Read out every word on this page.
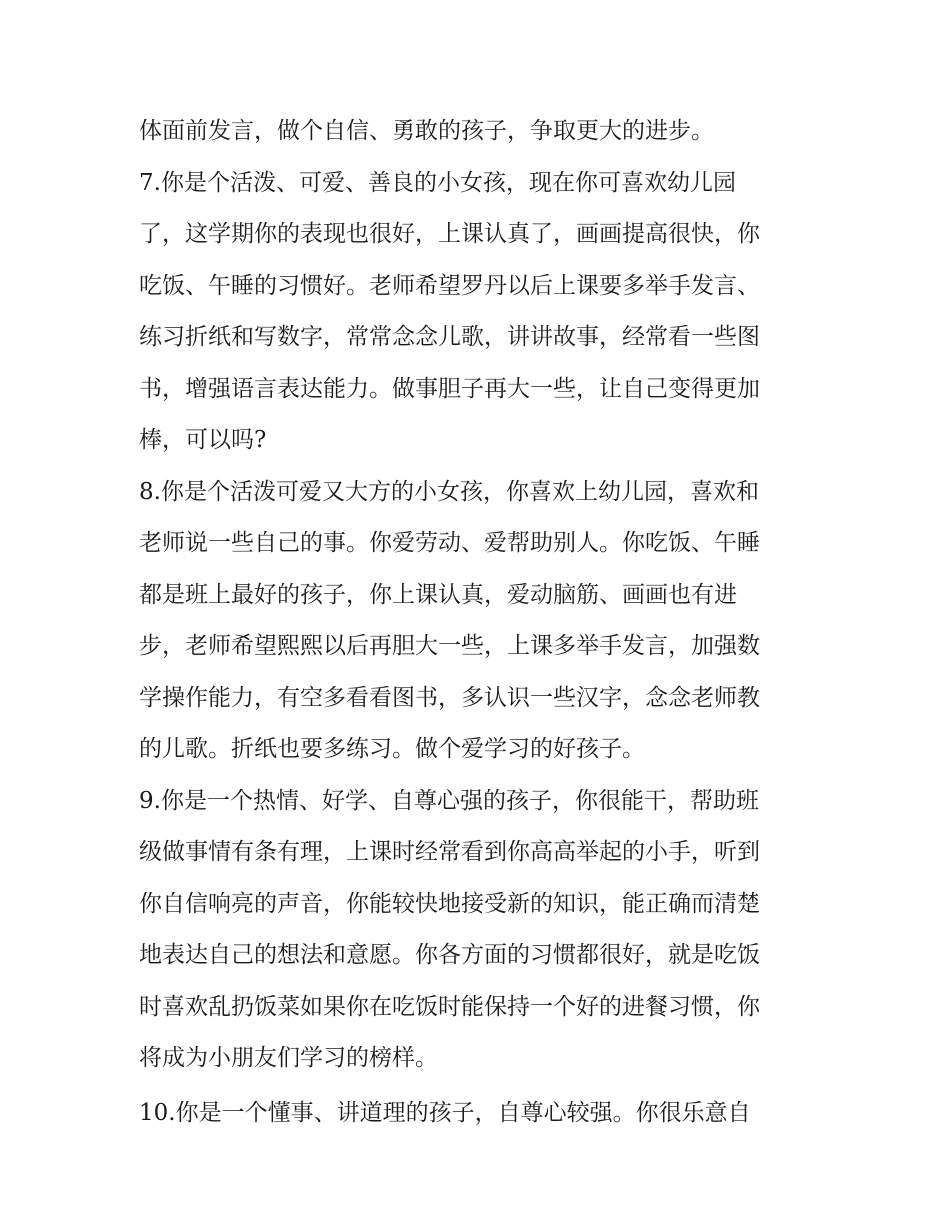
体面前发言，做个自信、勇敢的孩子，争取更大的进步。
7.你是个活泼、可爱、善良的小女孩，现在你可喜欢幼儿园
了，这学期你的表现也很好，上课认真了，画画提高很快，你
吃饭、午睡的习惯好。老师希望罗丹以后上课要多举手发言、
练习折纸和写数字，常常念念儿歌，讲讲故事，经常看一些图
书，增强语言表达能力。做事胆子再大一些，让自己变得更加
棒，可以吗?
8.你是个活泼可爱又大方的小女孩，你喜欢上幼儿园，喜欢和
老师说一些自己的事。你爱劳动、爱帮助别人。你吃饭、午睡
都是班上最好的孩子，你上课认真，爱动脑筋、画画也有进
步，老师希望熙熙以后再胆大一些，上课多举手发言，加强数
学操作能力，有空多看看图书，多认识一些汉字，念念老师教
的儿歌。折纸也要多练习。做个爱学习的好孩子。
9.你是一个热情、好学、自尊心强的孩子，你很能干，帮助班
级做事情有条有理，上课时经常看到你高高举起的小手，听到
你自信响亮的声音，你能较快地接受新的知识，能正确而清楚
地表达自己的想法和意愿。你各方面的习惯都很好，就是吃饭
时喜欢乱扔饭菜如果你在吃饭时能保持一个好的进餐习惯，你
将成为小朋友们学习的榜样。
10.你是一个懂事、讲道理的孩子，自尊心较强。你很乐意自
